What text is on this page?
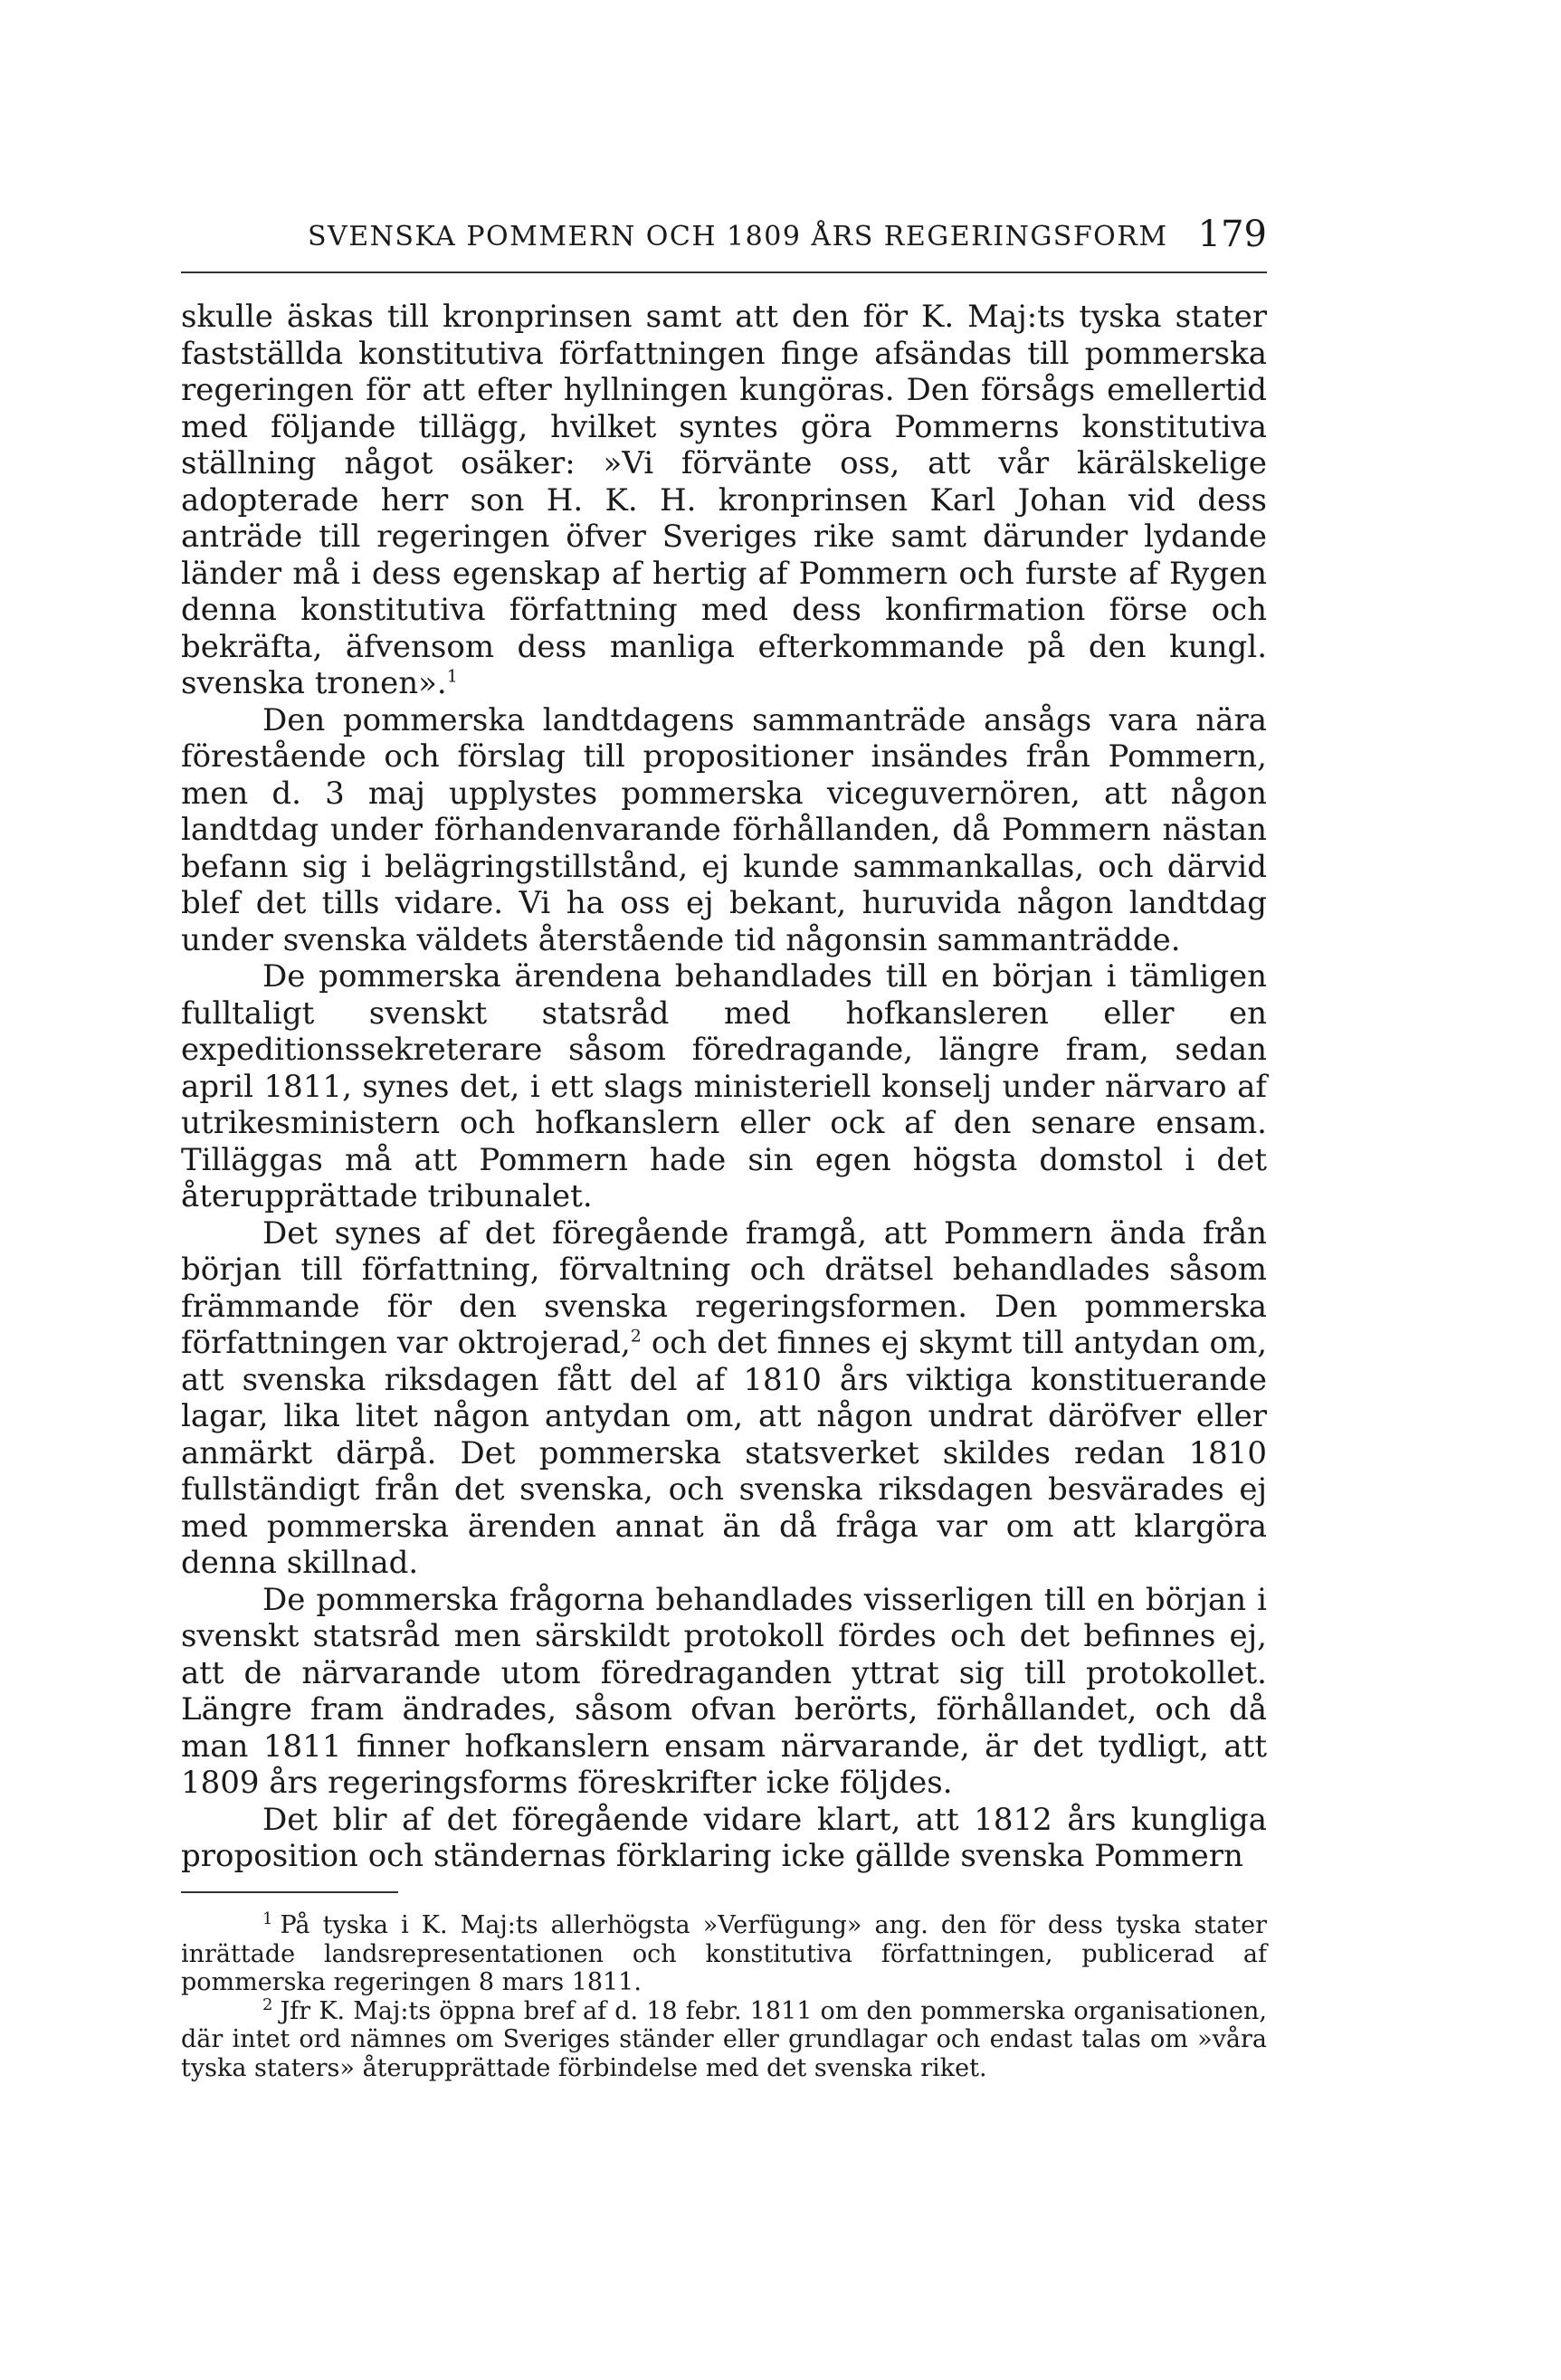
SVENSKA POMMERN OCH 1809 ÅRS REGERINGSFORM 179

skulle äskas till kronprinsen samt att den för K. Maj:ts tyska stater fastställda konstitutiva författningen finge afsändas till pommerska regeringen för att efter hyllningen kungöras. Den försågs emellertid med följande tillägg, hvilket syntes göra Pommerns konstitutiva ställning något osäker: »Vi förvänte oss, att vår kärälskelige adopterade herr son H. K. H. kronprinsen Karl Johan vid dess anträde till regeringen öfver Sveriges rike samt därunder lydande länder må i dess egenskap af hertig af Pommern och furste af Rygen denna konstitutiva författning med dess konfirmation förse och bekräfta, äfvensom dess manliga efterkommande på den kungl. svenska tronen».$^1$

Den pommerska landtdagens sammanträde ansågs vara nära förestående och förslag till propositioner insändes från Pommern, men d. 3 maj upplystes pommerska viceguvernören, att någon landtdag under förhandenvarande förhållanden, då Pommern nästan befann sig i belägringstillstånd, ej kunde sammankallas, och därvid blef det tills vidare. Vi ha oss ej bekant, huruvida någon landtdag under svenska väldets återstående tid någonsin sammanträdde.

De pommerska ärendena behandlades till en början i tämligen fulltaligt svenskt statsråd med hofkansleren eller en expeditionssekreterare såsom föredragande, längre fram, sedan april 1811, synes det, i ett slags ministeriell konselj under närvaro af utrikesministern och hofkanslern eller ock af den senare ensam. Tilläggas må att Pommern hade sin egen högsta domstol i det återupprättade tribunalet.

Det synes af det föregående framgå, att Pommern ända från början till författning, förvaltning och drätsel behandlades såsom främmande för den svenska regeringsformen. Den pommerska författningen var oktrojerad,$^2$ och det finnes ej skymt till antydan om, att svenska riksdagen fått del af 1810 års viktiga konstituerande lagar, lika litet någon antydan om, att någon undrat däröfver eller anmärkt därpå. Det pommerska statsverket skildes redan 1810 fullständigt från det svenska, och svenska riksdagen besvärades ej med pommerska ärenden annat än då fråga var om att klargöra denna skillnad.

De pommerska frågorna behandlades visserligen till en början i svenskt statsråd men särskildt protokoll fördes och det befinnes ej, att de närvarande utom föredraganden yttrat sig till protokollet. Längre fram ändrades, såsom ofvan berörts, förhållandet, och då man 1811 finner hofkanslern ensam närvarande, är det tydligt, att 1809 års regeringsforms föreskrifter icke följdes.

Det blir af det föregående vidare klart, att 1812 års kungliga proposition och ständernas förklaring icke gällde svenska Pommern

$^1$ På tyska i K. Maj:ts allerhögsta »Verfügung» ang. den för dess tyska stater inrättade landsrepresentationen och konstitutiva författningen, publicerad af pommerska regeringen 8 mars 1811.

$^2$ Jfr K. Maj:ts öppna bref af d. 18 febr. 1811 om den pommerska organisationen, där intet ord nämnes om Sveriges ständer eller grundlagar och endast talas om »våra tyska staters» återupprättade förbindelse med det svenska riket.
